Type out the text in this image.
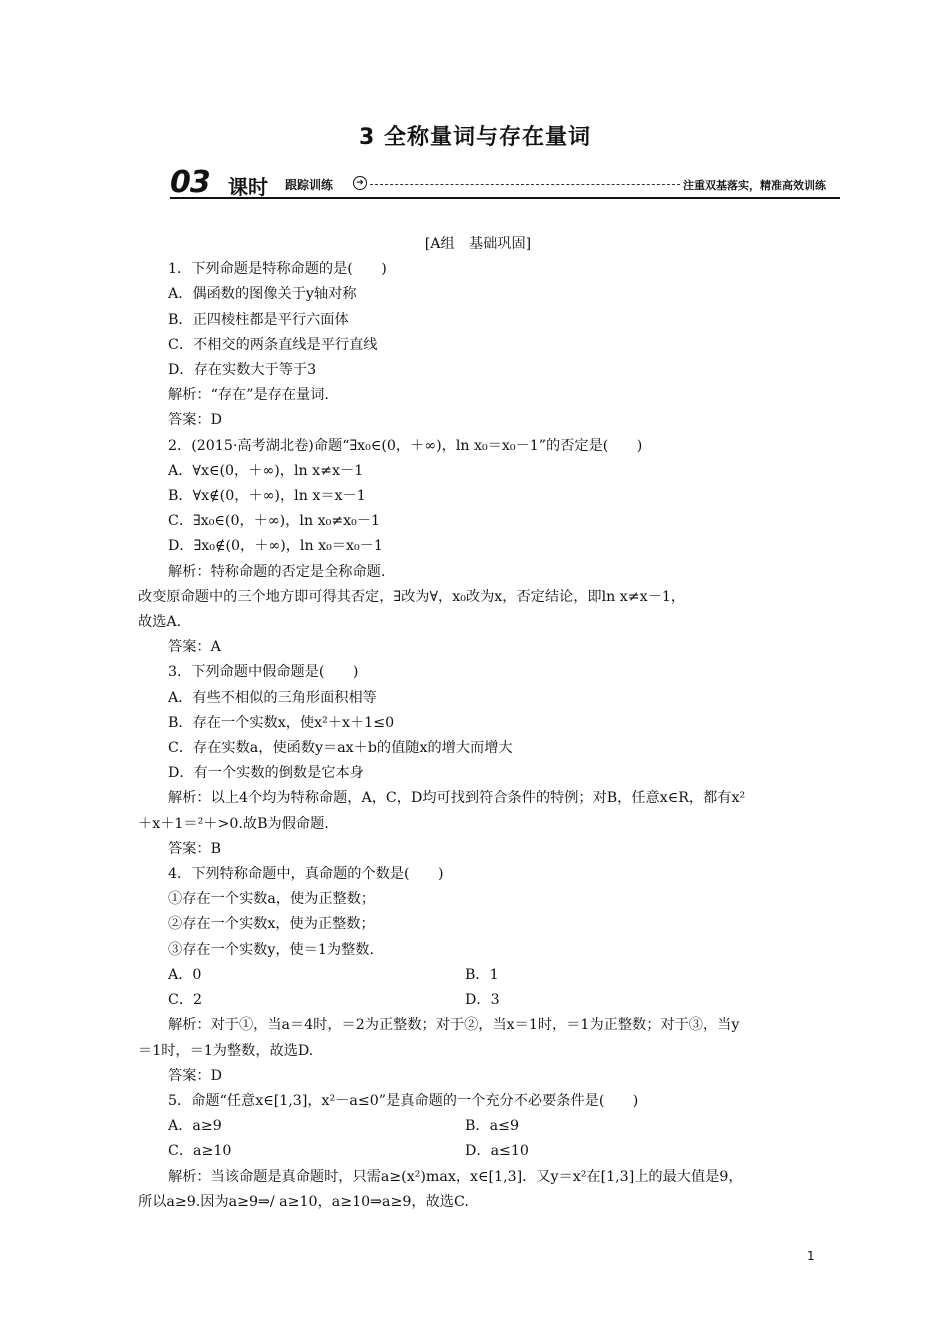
3 全称量词与存在量词
03 课时 跟踪训练	➔	注重双基落实，精准高效训练
[A组　基础巩固]
1．下列命题是特称命题的是(　　)
A．偶函数的图像关于y轴对称
B．正四棱柱都是平行六面体
C．不相交的两条直线是平行直线
D．存在实数大于等于3
解析：“存在”是存在量词.
答案：D
2．(2015·高考湖北卷)命题“∃x₀∈(0，＋∞)，ln x₀＝x₀－1”的否定是(　　)
A．∀x∈(0，＋∞)，ln x≠x－1
B．∀x∉(0，＋∞)，ln x＝x－1
C．∃x₀∈(0，＋∞)，ln x₀≠x₀－1
D．∃x₀∉(0，＋∞)，ln x₀＝x₀－1
解析：特称命题的否定是全称命题.
改变原命题中的三个地方即可得其否定，∃改为∀，x₀改为x，否定结论，即ln x≠x－1，
故选A.
答案：A
3．下列命题中假命题是(　　)
A．有些不相似的三角形面积相等
B．存在一个实数x，使x²＋x＋1≤0
C．存在实数a，使函数y＝ax＋b的值随x的增大而增大
D．有一个实数的倒数是它本身
解析：以上4个均为特称命题，A，C，D均可找到符合条件的特例；对B，任意x∈R，都有x²
＋x＋1＝²＋>0.故B为假命题.
答案：B
4．下列特称命题中，真命题的个数是(　　)
①存在一个实数a，使为正整数；
②存在一个实数x，使为正整数；
③存在一个实数y，使＝1为整数.
A．0	B．1
C．2	D．3
解析：对于①，当a＝4时，＝2为正整数；对于②，当x＝1时，＝1为正整数；对于③，当y
＝1时，＝1为整数，故选D.
答案：D
5．命题“任意x∈[1,3]，x²－a≤0”是真命题的一个充分不必要条件是(　　)
A．a≥9	B．a≤9
C．a≥10	D．a≤10
解析：当该命题是真命题时，只需a≥(x²)max，x∈[1,3]．又y＝x²在[1,3]上的最大值是9，
所以a≥9.因为a≥9⇒/ a≥10，a≥10⇒a≥9，故选C.
1
